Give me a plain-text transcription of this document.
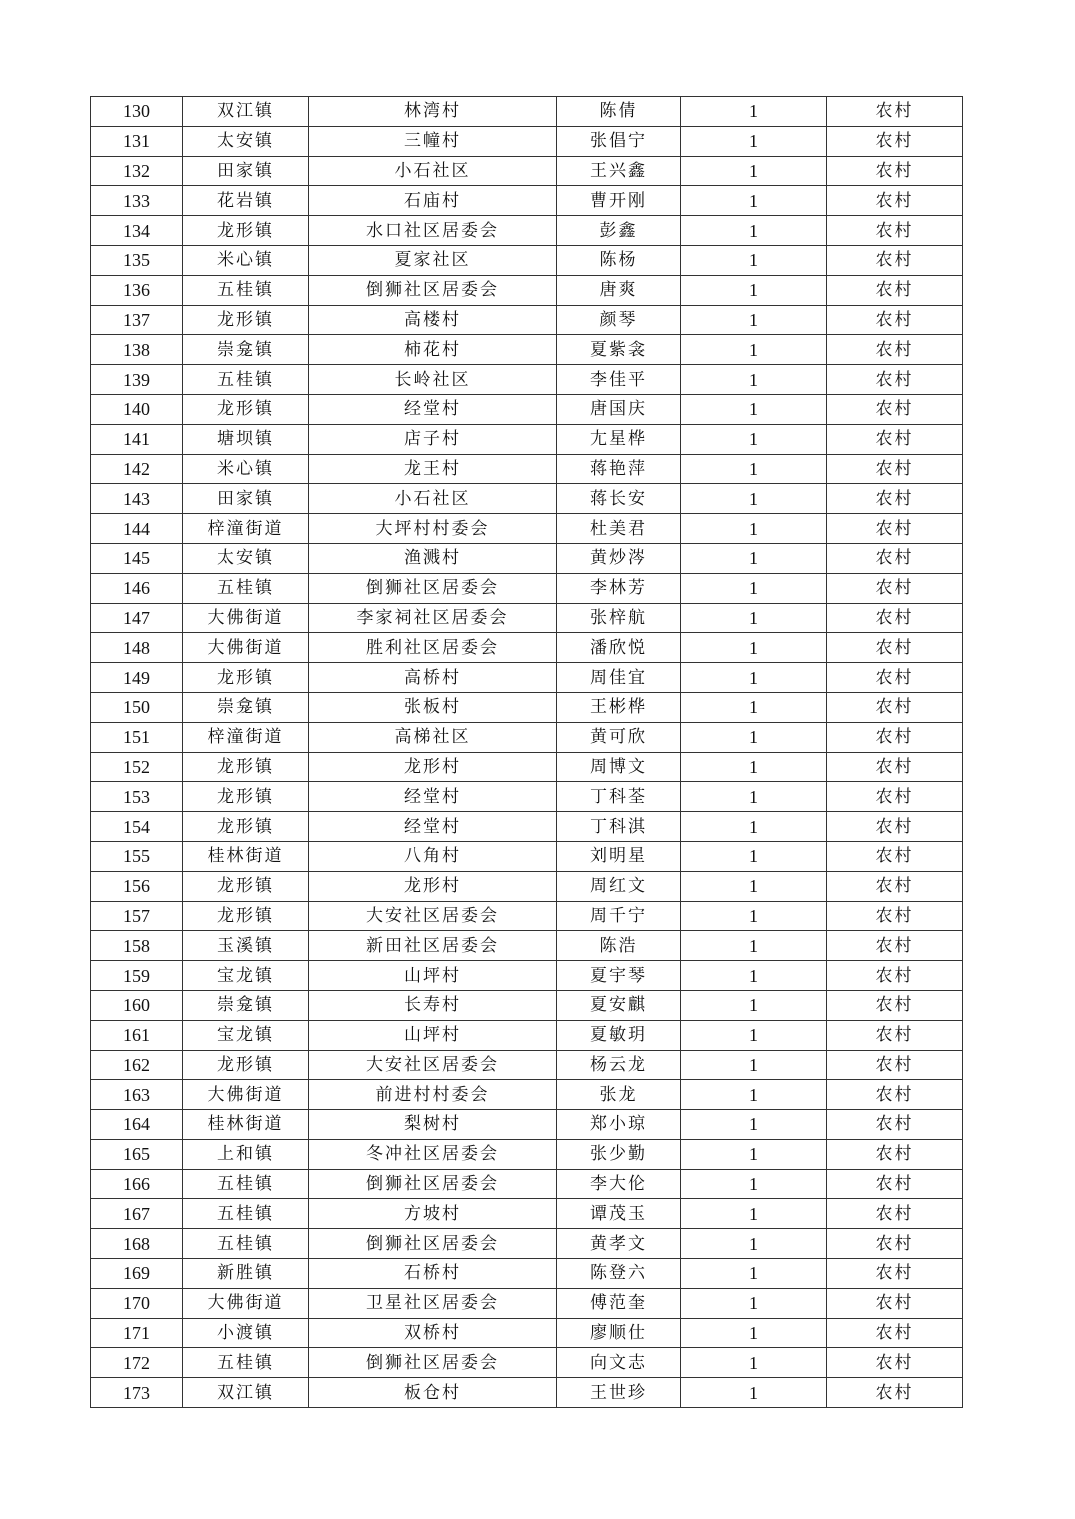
130	双江镇	林湾村	陈倩	1	农村
131	太安镇	三幢村	张倡宁	1	农村
132	田家镇	小石社区	王兴鑫	1	农村
133	花岩镇	石庙村	曹开刚	1	农村
134	龙形镇	水口社区居委会	彭鑫	1	农村
135	米心镇	夏家社区	陈杨	1	农村
136	五桂镇	倒狮社区居委会	唐爽	1	农村
137	龙形镇	高楼村	颜琴	1	农村
138	崇龛镇	柿花村	夏紫衾	1	农村
139	五桂镇	长岭社区	李佳平	1	农村
140	龙形镇	经堂村	唐国庆	1	农村
141	塘坝镇	店子村	尢星桦	1	农村
142	米心镇	龙王村	蒋艳萍	1	农村
143	田家镇	小石社区	蒋长安	1	农村
144	梓潼街道	大坪村村委会	杜美君	1	农村
145	太安镇	渔溅村	黄炒涔	1	农村
146	五桂镇	倒狮社区居委会	李林芳	1	农村
147	大佛街道	李家祠社区居委会	张梓航	1	农村
148	大佛街道	胜利社区居委会	潘欣悦	1	农村
149	龙形镇	高桥村	周佳宜	1	农村
150	崇龛镇	张板村	王彬桦	1	农村
151	梓潼街道	高梯社区	黄可欣	1	农村
152	龙形镇	龙形村	周博文	1	农村
153	龙形镇	经堂村	丁科荃	1	农村
154	龙形镇	经堂村	丁科淇	1	农村
155	桂林街道	八角村	刘明星	1	农村
156	龙形镇	龙形村	周红文	1	农村
157	龙形镇	大安社区居委会	周千宁	1	农村
158	玉溪镇	新田社区居委会	陈浩	1	农村
159	宝龙镇	山坪村	夏宇琴	1	农村
160	崇龛镇	长寿村	夏安麒	1	农村
161	宝龙镇	山坪村	夏敏玥	1	农村
162	龙形镇	大安社区居委会	杨云龙	1	农村
163	大佛街道	前进村村委会	张龙	1	农村
164	桂林街道	梨树村	郑小琼	1	农村
165	上和镇	冬冲社区居委会	张少勤	1	农村
166	五桂镇	倒狮社区居委会	李大伦	1	农村
167	五桂镇	方坡村	谭茂玉	1	农村
168	五桂镇	倒狮社区居委会	黄孝文	1	农村
169	新胜镇	石桥村	陈登六	1	农村
170	大佛街道	卫星社区居委会	傅范奎	1	农村
171	小渡镇	双桥村	廖顺仕	1	农村
172	五桂镇	倒狮社区居委会	向文志	1	农村
173	双江镇	板仓村	王世珍	1	农村
